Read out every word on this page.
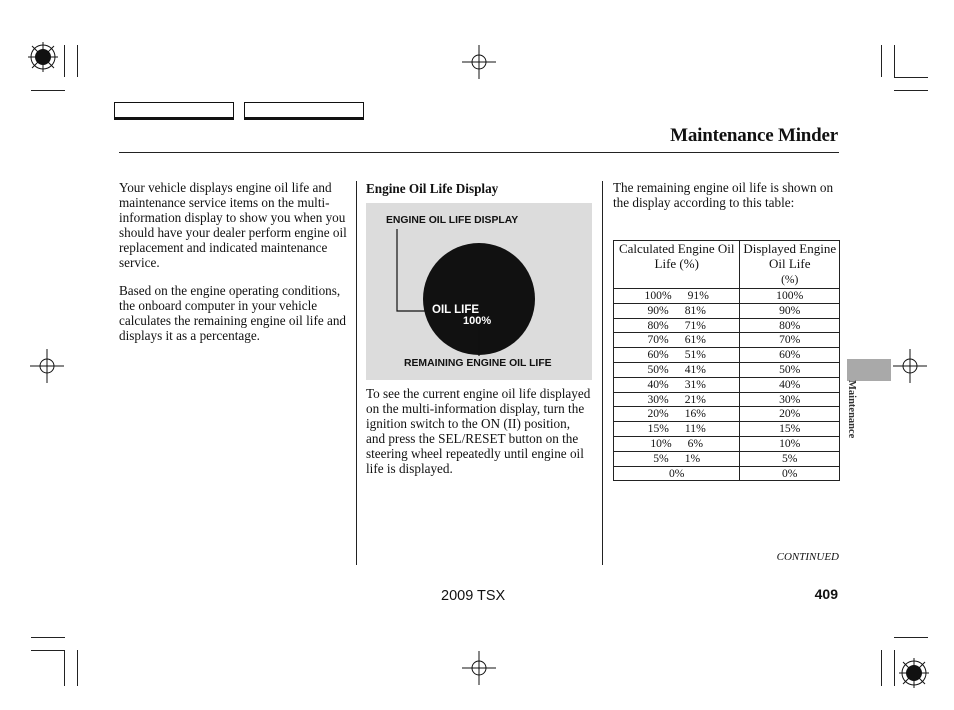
Maintenance Minder

Your vehicle displays engine oil life and maintenance service items on the multi-information display to show you when you should have your dealer perform engine oil replacement and indicated maintenance service.

Based on the engine operating conditions, the onboard computer in your vehicle calculates the remaining engine oil life and displays it as a percentage.

Engine Oil Life Display
ENGINE OIL LIFE DISPLAY
OIL LIFE
100%
REMAINING ENGINE OIL LIFE

To see the current engine oil life displayed on the multi-information display, turn the ignition switch to the ON (II) position, and press the SEL/RESET button on the steering wheel repeatedly until engine oil life is displayed.

The remaining engine oil life is shown on the display according to this table:

Calculated Engine Oil Life (%)	Displayed Engine Oil Life
(%)

100% 91%	100%

90% 81%	90%

80% 71%	80%

70% 61%	70%

60% 51%	60%

50% 41%	50%

40% 31%	40%

30% 21%	30%

20% 16%	20%

15% 11%	15%

10% 6%	10%

5% 1%	5%
0%	0%
Maintenance
CONTINUED
2009 TSX	409
